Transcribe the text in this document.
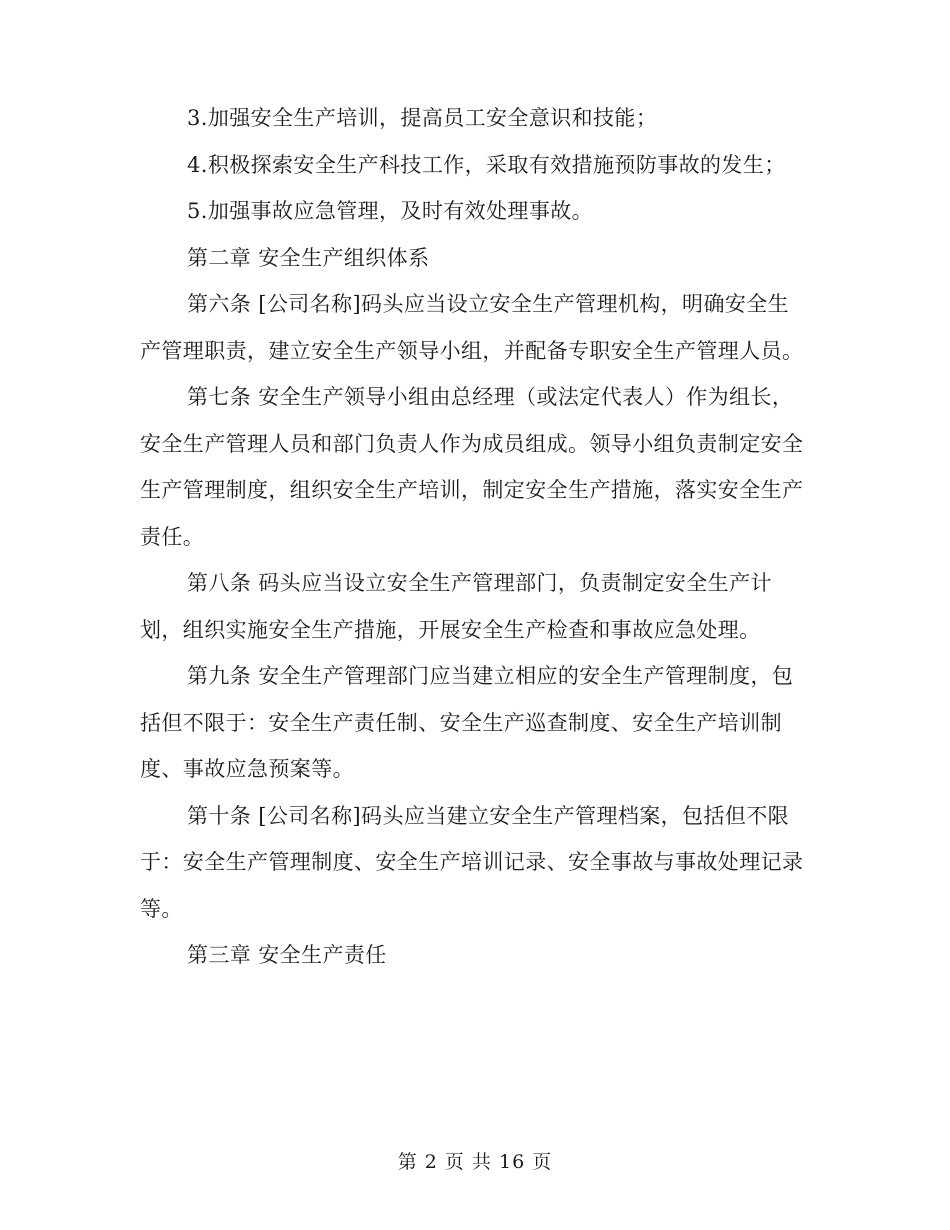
3.加强安全生产培训，提高员工安全意识和技能；

4.积极探索安全生产科技工作，采取有效措施预防事故的发生；

5.加强事故应急管理，及时有效处理事故。

第二章 安全生产组织体系

第六条 [公司名称]码头应当设立安全生产管理机构，明确安全生产管理职责，建立安全生产领导小组，并配备专职安全生产管理人员。

第七条 安全生产领导小组由总经理（或法定代表人）作为组长，安全生产管理人员和部门负责人作为成员组成。领导小组负责制定安全生产管理制度，组织安全生产培训，制定安全生产措施，落实安全生产责任。

第八条 码头应当设立安全生产管理部门，负责制定安全生产计划，组织实施安全生产措施，开展安全生产检查和事故应急处理。

第九条 安全生产管理部门应当建立相应的安全生产管理制度，包括但不限于：安全生产责任制、安全生产巡查制度、安全生产培训制度、事故应急预案等。

第十条 [公司名称]码头应当建立安全生产管理档案，包括但不限于：安全生产管理制度、安全生产培训记录、安全事故与事故处理记录等。

第三章 安全生产责任

第 2 页 共 16 页
